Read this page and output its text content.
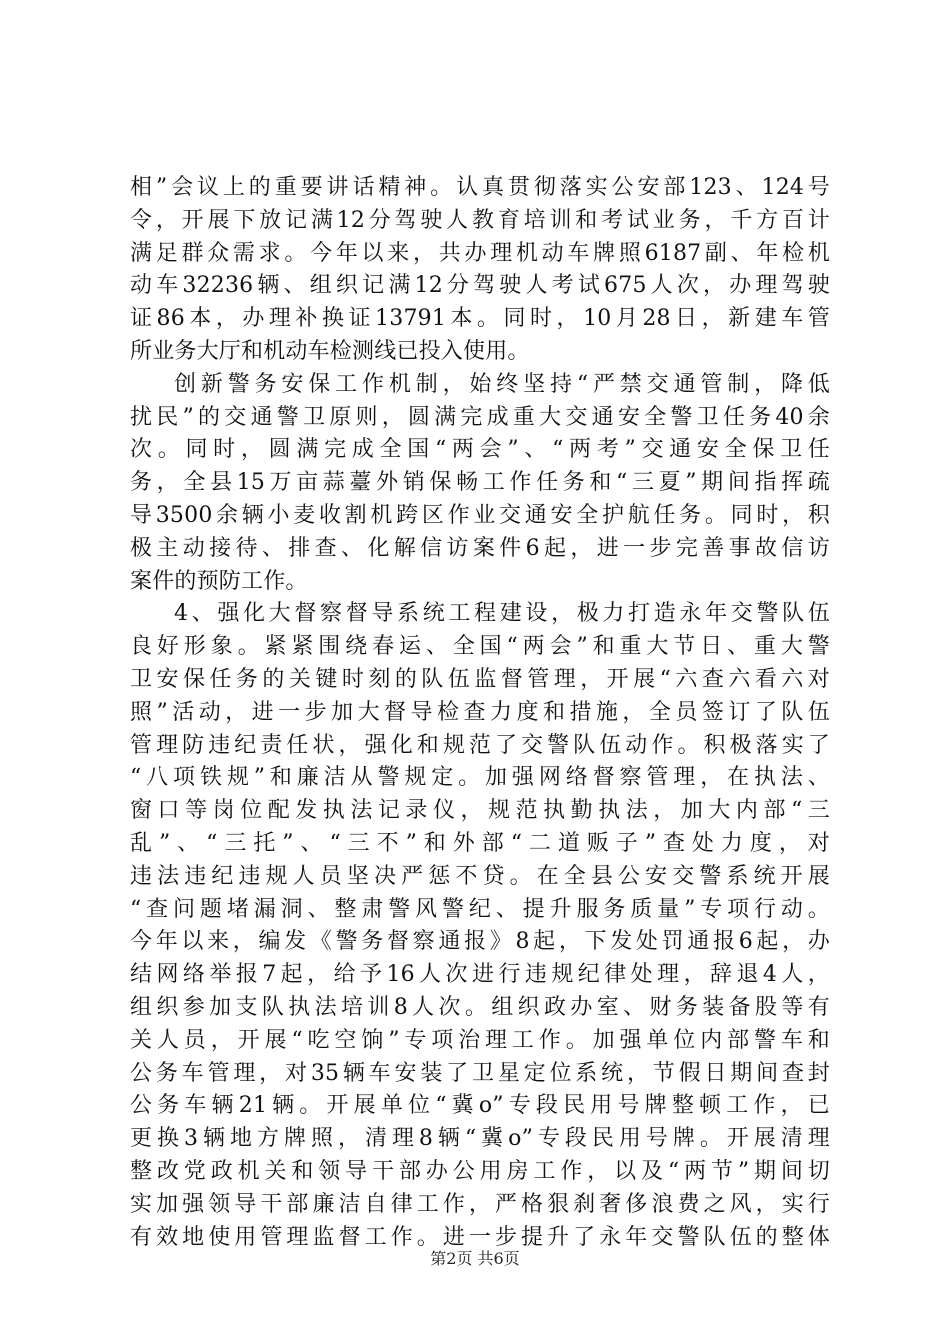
相”会议上的重要讲话精神。认真贯彻落实公安部123、124号
令，开展下放记满12分驾驶人教育培训和考试业务，千方百计
满足群众需求。今年以来，共办理机动车牌照6187副、年检机
动车32236辆、组织记满12分驾驶人考试675人次，办理驾驶
证86本，办理补换证13791本。同时，10月28日，新建车管
所业务大厅和机动车检测线已投入使用。
创新警务安保工作机制，始终坚持“严禁交通管制，降低
扰民”的交通警卫原则，圆满完成重大交通安全警卫任务40余
次。同时，圆满完成全国“两会”、“两考”交通安全保卫任
务，全县15万亩蒜薹外销保畅工作任务和“三夏”期间指挥疏
导3500余辆小麦收割机跨区作业交通安全护航任务。同时，积
极主动接待、排查、化解信访案件6起，进一步完善事故信访
案件的预防工作。
4、强化大督察督导系统工程建设，极力打造永年交警队伍
良好形象。紧紧围绕春运、全国“两会”和重大节日、重大警
卫安保任务的关键时刻的队伍监督管理，开展“六查六看六对
照”活动，进一步加大督导检查力度和措施，全员签订了队伍
管理防违纪责任状，强化和规范了交警队伍动作。积极落实了
“八项铁规”和廉洁从警规定。加强网络督察管理，在执法、
窗口等岗位配发执法记录仪，规范执勤执法，加大内部“三
乱”、“三托”、“三不”和外部“二道贩子”查处力度，对
违法违纪违规人员坚决严惩不贷。在全县公安交警系统开展
“查问题堵漏洞、整肃警风警纪、提升服务质量”专项行动。
今年以来，编发《警务督察通报》8起，下发处罚通报6起，办
结网络举报7起，给予16人次进行违规纪律处理，辞退4人，
组织参加支队执法培训8人次。组织政办室、财务装备股等有
关人员，开展“吃空饷”专项治理工作。加强单位内部警车和
公务车管理，对35辆车安装了卫星定位系统，节假日期间查封
公务车辆21辆。开展单位“冀o”专段民用号牌整顿工作，已
更换3辆地方牌照，清理8辆“冀o”专段民用号牌。开展清理
整改党政机关和领导干部办公用房工作，以及“两节”期间切
实加强领导干部廉洁自律工作，严格狠刹奢侈浪费之风，实行
有效地使用管理监督工作。进一步提升了永年交警队伍的整体
第2页 共6页
